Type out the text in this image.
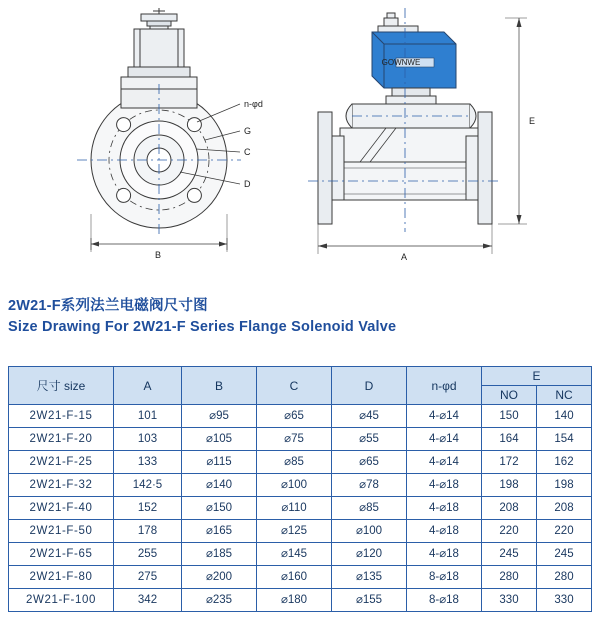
n-φd
G
C
D
B
E
A
GOWNWE
2W21-F系列法兰电磁阀尺寸图
Size Drawing For 2W21-F Series Flange Solenoid Valve
尺寸 size	A	B	C	D	n-φd	E	
						NO	NC
2W21-F-15	101	⌀95	⌀65	⌀45	4-⌀14	150	140
2W21-F-20	103	⌀105	⌀75	⌀55	4-⌀14	164	154
2W21-F-25	133	⌀115	⌀85	⌀65	4-⌀14	172	162
2W21-F-32	142·5	⌀140	⌀100	⌀78	4-⌀18	198	198
2W21-F-40	152	⌀150	⌀110	⌀85	4-⌀18	208	208
2W21-F-50	178	⌀165	⌀125	⌀100	4-⌀18	220	220
2W21-F-65	255	⌀185	⌀145	⌀120	4-⌀18	245	245
2W21-F-80	275	⌀200	⌀160	⌀135	8-⌀18	280	280
2W21-F-100	342	⌀235	⌀180	⌀155	8-⌀18	330	330
